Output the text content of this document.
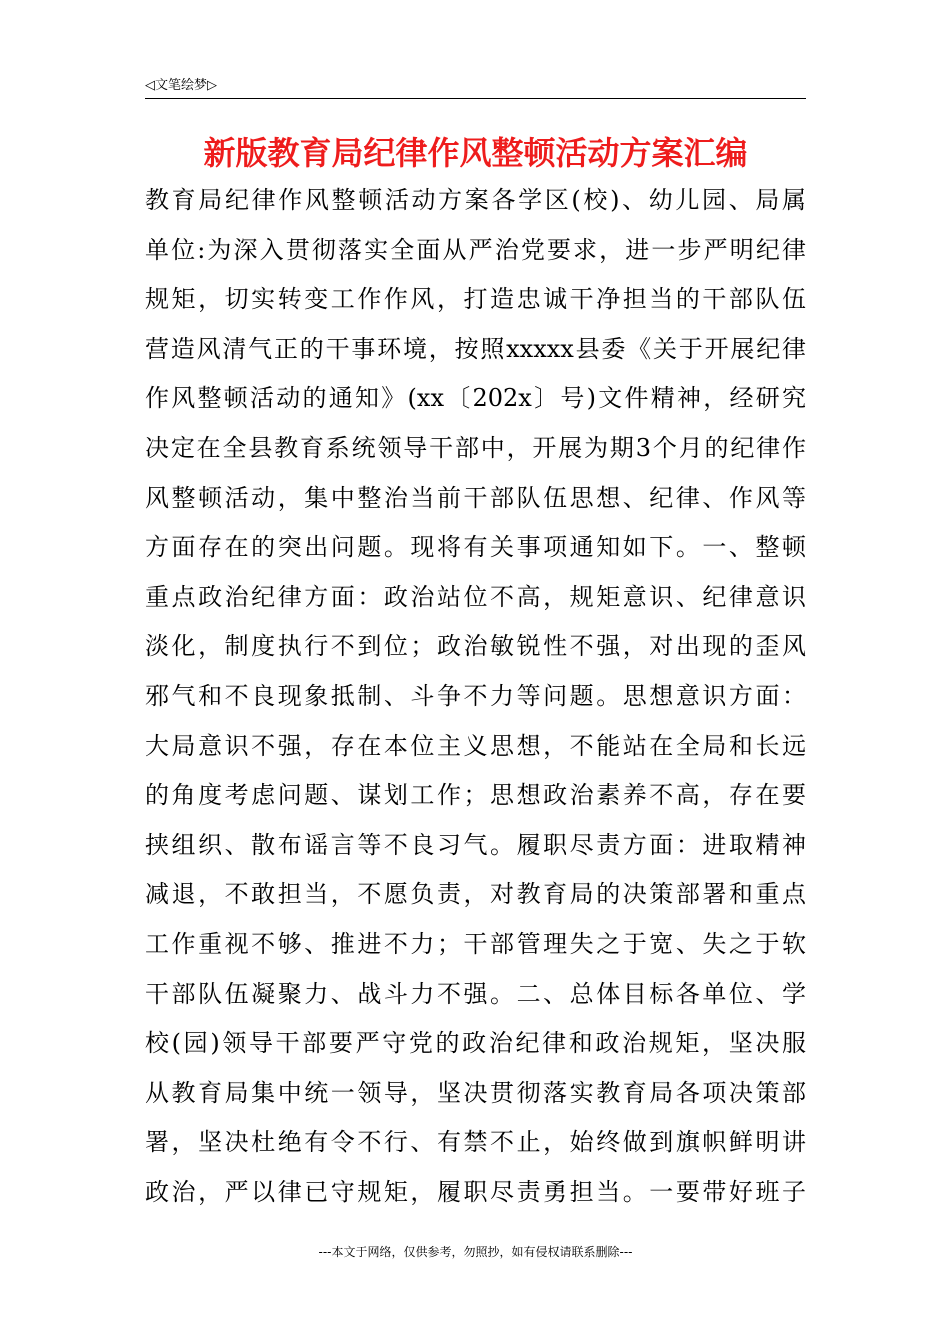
◁文笔绘梦▷
新版教育局纪律作风整顿活动方案汇编
教育局纪律作风整顿活动方案各学区(校)、幼儿园、局属
单位:为深入贯彻落实全面从严治党要求，进一步严明纪律
规矩，切实转变工作作风，打造忠诚干净担当的干部队伍
营造风清气正的干事环境，按照xxxxx县委《关于开展纪律
作风整顿活动的通知》(xx〔202x〕号)文件精神，经研究
决定在全县教育系统领导干部中，开展为期3个月的纪律作
风整顿活动，集中整治当前干部队伍思想、纪律、作风等
方面存在的突出问题。现将有关事项通知如下。一、整顿
重点政治纪律方面：政治站位不高，规矩意识、纪律意识
淡化，制度执行不到位；政治敏锐性不强，对出现的歪风
邪气和不良现象抵制、斗争不力等问题。思想意识方面：
大局意识不强，存在本位主义思想，不能站在全局和长远
的角度考虑问题、谋划工作；思想政治素养不高，存在要
挟组织、散布谣言等不良习气。履职尽责方面：进取精神
减退，不敢担当，不愿负责，对教育局的决策部署和重点
工作重视不够、推进不力；干部管理失之于宽、失之于软
干部队伍凝聚力、战斗力不强。二、总体目标各单位、学
校(园)领导干部要严守党的政治纪律和政治规矩，坚决服
从教育局集中统一领导，坚决贯彻落实教育局各项决策部
署，坚决杜绝有令不行、有禁不止，始终做到旗帜鲜明讲
政治，严以律已守规矩，履职尽责勇担当。一要带好班子
---本文于网络，仅供参考，勿照抄，如有侵权请联系删除---
